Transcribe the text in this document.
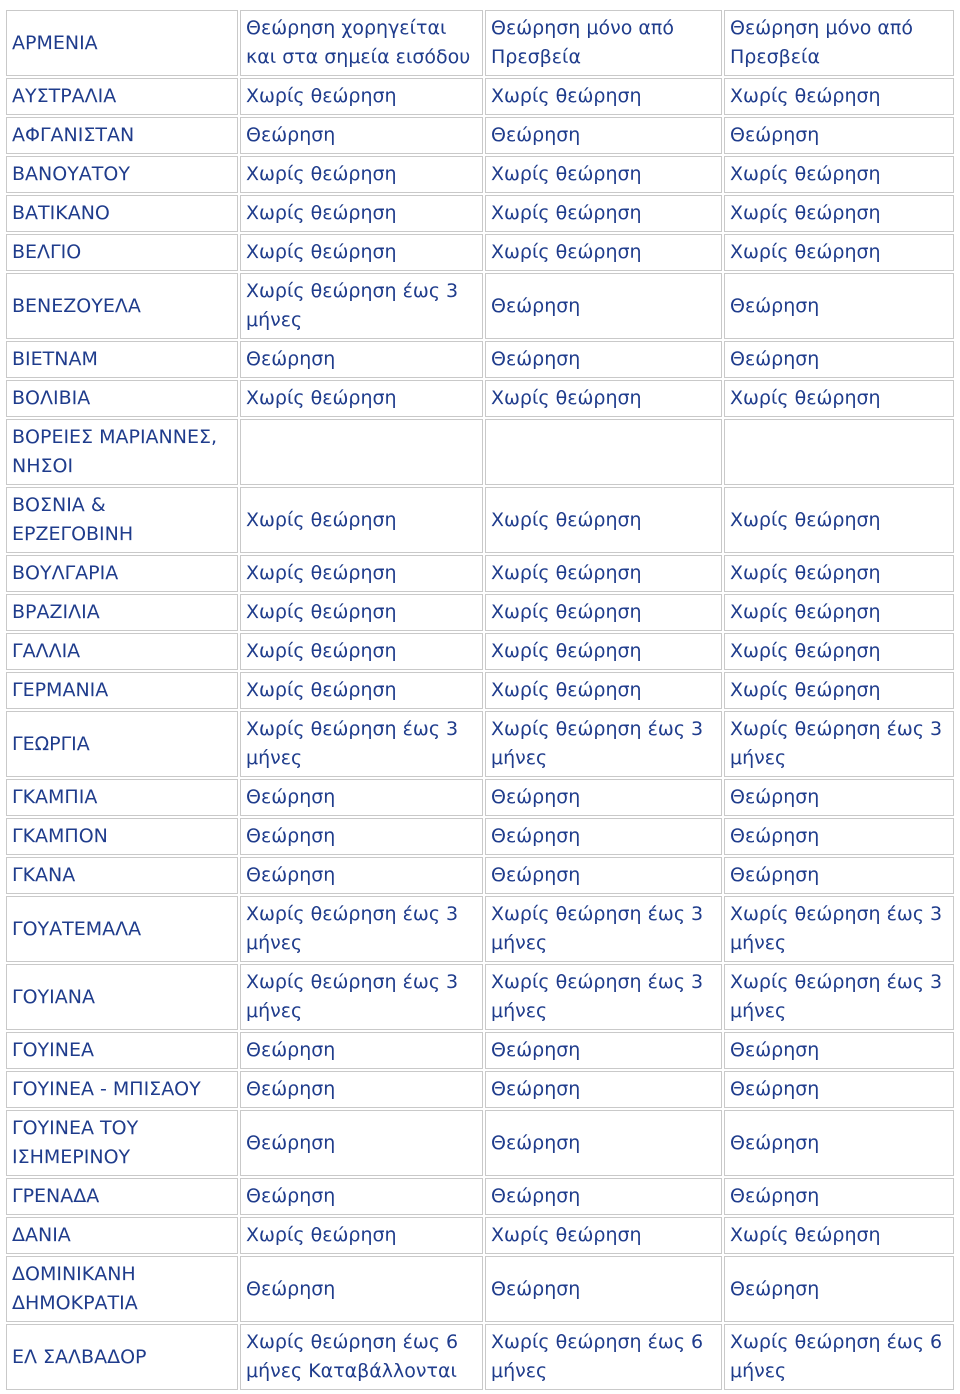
ΑΡΜΕΝΙΑ	Θεώρηση χορηγείται και στα σημεία εισόδου	Θεώρηση μόνο από Πρεσβεία	Θεώρηση μόνο από Πρεσβεία
ΑΥΣΤΡΑΛΙΑ	Χωρίς θεώρηση	Χωρίς θεώρηση	Χωρίς θεώρηση
ΑΦΓΑΝΙΣΤΑΝ	Θεώρηση	Θεώρηση	Θεώρηση
ΒΑΝΟΥΑΤΟΥ	Χωρίς θεώρηση	Χωρίς θεώρηση	Χωρίς θεώρηση
ΒΑΤΙΚΑΝΟ	Χωρίς θεώρηση	Χωρίς θεώρηση	Χωρίς θεώρηση
ΒΕΛΓΙΟ	Χωρίς θεώρηση	Χωρίς θεώρηση	Χωρίς θεώρηση
ΒΕΝΕΖΟΥΕΛΑ	Χωρίς θεώρηση έως 3 μήνες	Θεώρηση	Θεώρηση
ΒΙΕΤΝΑΜ	Θεώρηση	Θεώρηση	Θεώρηση
ΒΟΛΙΒΙΑ	Χωρίς θεώρηση	Χωρίς θεώρηση	Χωρίς θεώρηση
ΒΟΡΕΙΕΣ ΜΑΡΙΑΝΝΕΣ, ΝΗΣΟΙ			
ΒΟΣΝΙΑ & ΕΡΖΕΓΟΒΙΝΗ	Χωρίς θεώρηση	Χωρίς θεώρηση	Χωρίς θεώρηση
ΒΟΥΛΓΑΡΙΑ	Χωρίς θεώρηση	Χωρίς θεώρηση	Χωρίς θεώρηση
ΒΡΑΖΙΛΙΑ	Χωρίς θεώρηση	Χωρίς θεώρηση	Χωρίς θεώρηση
ΓΑΛΛΙΑ	Χωρίς θεώρηση	Χωρίς θεώρηση	Χωρίς θεώρηση
ΓΕΡΜΑΝΙΑ	Χωρίς θεώρηση	Χωρίς θεώρηση	Χωρίς θεώρηση
ΓΕΩΡΓΙΑ	Χωρίς θεώρηση έως 3 μήνες	Χωρίς θεώρηση έως 3 μήνες	Χωρίς θεώρηση έως 3 μήνες
ΓΚΑΜΠΙΑ	Θεώρηση	Θεώρηση	Θεώρηση
ΓΚΑΜΠΟΝ	Θεώρηση	Θεώρηση	Θεώρηση
ΓΚΑΝΑ	Θεώρηση	Θεώρηση	Θεώρηση
ΓΟΥΑΤΕΜΑΛΑ	Χωρίς θεώρηση έως 3 μήνες	Χωρίς θεώρηση έως 3 μήνες	Χωρίς θεώρηση έως 3 μήνες
ΓΟΥΙΑΝΑ	Χωρίς θεώρηση έως 3 μήνες	Χωρίς θεώρηση έως 3 μήνες	Χωρίς θεώρηση έως 3 μήνες
ΓΟΥΙΝΕΑ	Θεώρηση	Θεώρηση	Θεώρηση
ΓΟΥΙΝΕΑ - ΜΠΙΣΑΟΥ	Θεώρηση	Θεώρηση	Θεώρηση
ΓΟΥΙΝΕΑ ΤΟΥ ΙΣΗΜΕΡΙΝΟΥ	Θεώρηση	Θεώρηση	Θεώρηση
ΓΡΕΝΑΔΑ	Θεώρηση	Θεώρηση	Θεώρηση
ΔΑΝΙΑ	Χωρίς θεώρηση	Χωρίς θεώρηση	Χωρίς θεώρηση
ΔΟΜΙΝΙΚΑΝΗ ΔΗΜΟΚΡΑΤΙΑ	Θεώρηση	Θεώρηση	Θεώρηση
ΕΛ ΣΑΛΒΑΔΟΡ	Χωρίς θεώρηση έως 6 μήνες Καταβάλλονται	Χωρίς θεώρηση έως 6 μήνες	Χωρίς θεώρηση έως 6 μήνες
